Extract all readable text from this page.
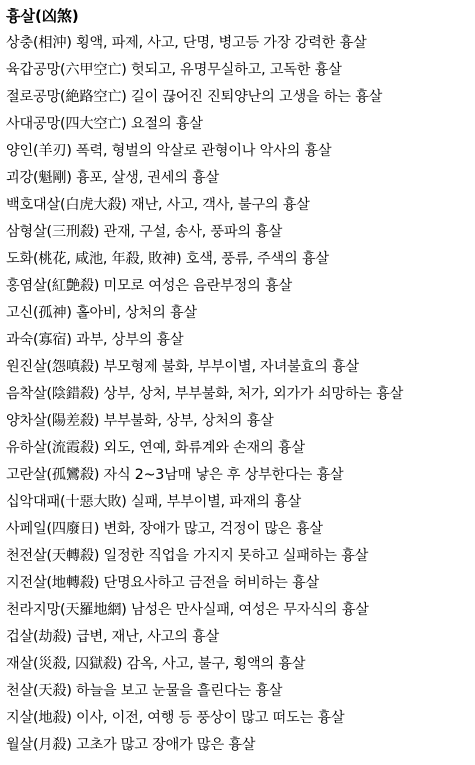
흉살(凶煞)
상충(相沖) 횡액, 파제, 사고, 단명, 병고등 가장 강력한 흉살
육갑공망(六甲空亡) 헛되고, 유명무실하고, 고독한 흉살
절로공망(絶路空亡) 길이 끊어진 진퇴양난의 고생을 하는 흉살
사대공망(四大空亡) 요절의 흉살
양인(羊刃) 폭력, 형벌의 악살로 관형이나 악사의 흉살
괴강(魁剛) 흉포, 살생, 권세의 흉살
백호대살(白虎大殺) 재난, 사고, 객사, 불구의 흉살
삼형살(三刑殺) 관재, 구설, 송사, 풍파의 흉살
도화(桃花, 咸池, 年殺, 敗神) 호색, 풍류, 주색의 흉살
홍염살(紅艶殺) 미모로 여성은 음란부정의 흉살
고신(孤神) 홀아비, 상처의 흉살
과숙(寡宿) 과부, 상부의 흉살
원진살(怨嗔殺) 부모형제 불화, 부부이별, 자녀불효의 흉살
음착살(陰錯殺) 상부, 상처, 부부불화, 처가, 외가가 쇠망하는 흉살
양차살(陽差殺) 부부불화, 상부, 상처의 흉살
유하살(流霞殺) 외도, 연예, 화류계와 손재의 흉살
고란살(孤鸞殺) 자식 2~3남매 낳은 후 상부한다는 흉살
십악대패(十惡大敗) 실패, 부부이별, 파재의 흉살
사페일(四廢日) 변화, 장애가 많고, 걱정이 많은 흉살
천전살(天轉殺) 일정한 직업을 가지지 못하고 실패하는 흉살
지전살(地轉殺) 단명요사하고 금전을 허비하는 흉살
천라지망(天羅地網) 남성은 만사실패, 여성은 무자식의 흉살
겁살(劫殺) 급변, 재난, 사고의 흉살
재살(災殺, 囚獄殺) 감옥, 사고, 불구, 횡액의 흉살
천살(天殺) 하늘을 보고 눈물을 흘린다는 흉살
지살(地殺) 이사, 이전, 여행 등 풍상이 많고 떠도는 흉살
월살(月殺) 고초가 많고 장애가 많은 흉살
